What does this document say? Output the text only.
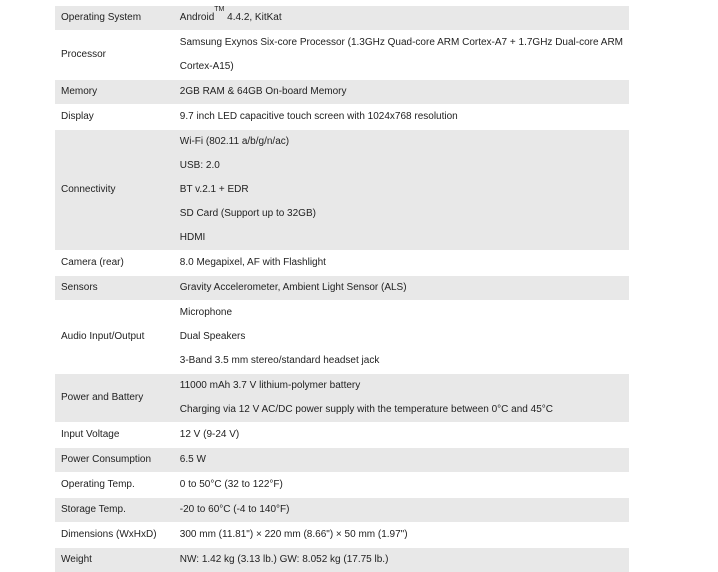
Operating System	Android™ 4.4.2, KitKat

Processor	Samsung Exynos Six-core Processor (1.3GHz Quad-core ARM Cortex-A7 + 1.7GHz Dual-core ARM
Cortex-A15)

Memory	2GB RAM & 64GB On-board Memory

Display	9.7 inch LED capacitive touch screen with 1024x768 resolution

Connectivity	Wi-Fi (802.11 a/b/g/n/ac)
USB: 2.0
BT v.2.1 + EDR
SD Card (Support up to 32GB)
HDMI

Camera (rear)	8.0 Megapixel, AF with Flashlight

Sensors	Gravity Accelerometer, Ambient Light Sensor (ALS)

Audio Input/Output	Microphone
Dual Speakers
3-Band 3.5 mm stereo/standard headset jack

Power and Battery	11000 mAh 3.7 V lithium-polymer battery
Charging via 12 V AC/DC power supply with the temperature between 0°C and 45°C

Input Voltage	12 V (9-24 V)

Power Consumption	6.5 W

Operating Temp.	0 to 50°C (32 to 122°F)

Storage Temp.	-20 to 60°C (-4 to 140°F)

Dimensions (WxHxD)	300 mm (11.81") × 220 mm (8.66") × 50 mm (1.97")

Weight	NW: 1.42 kg (3.13 lb.) GW: 8.052 kg (17.75 lb.)
